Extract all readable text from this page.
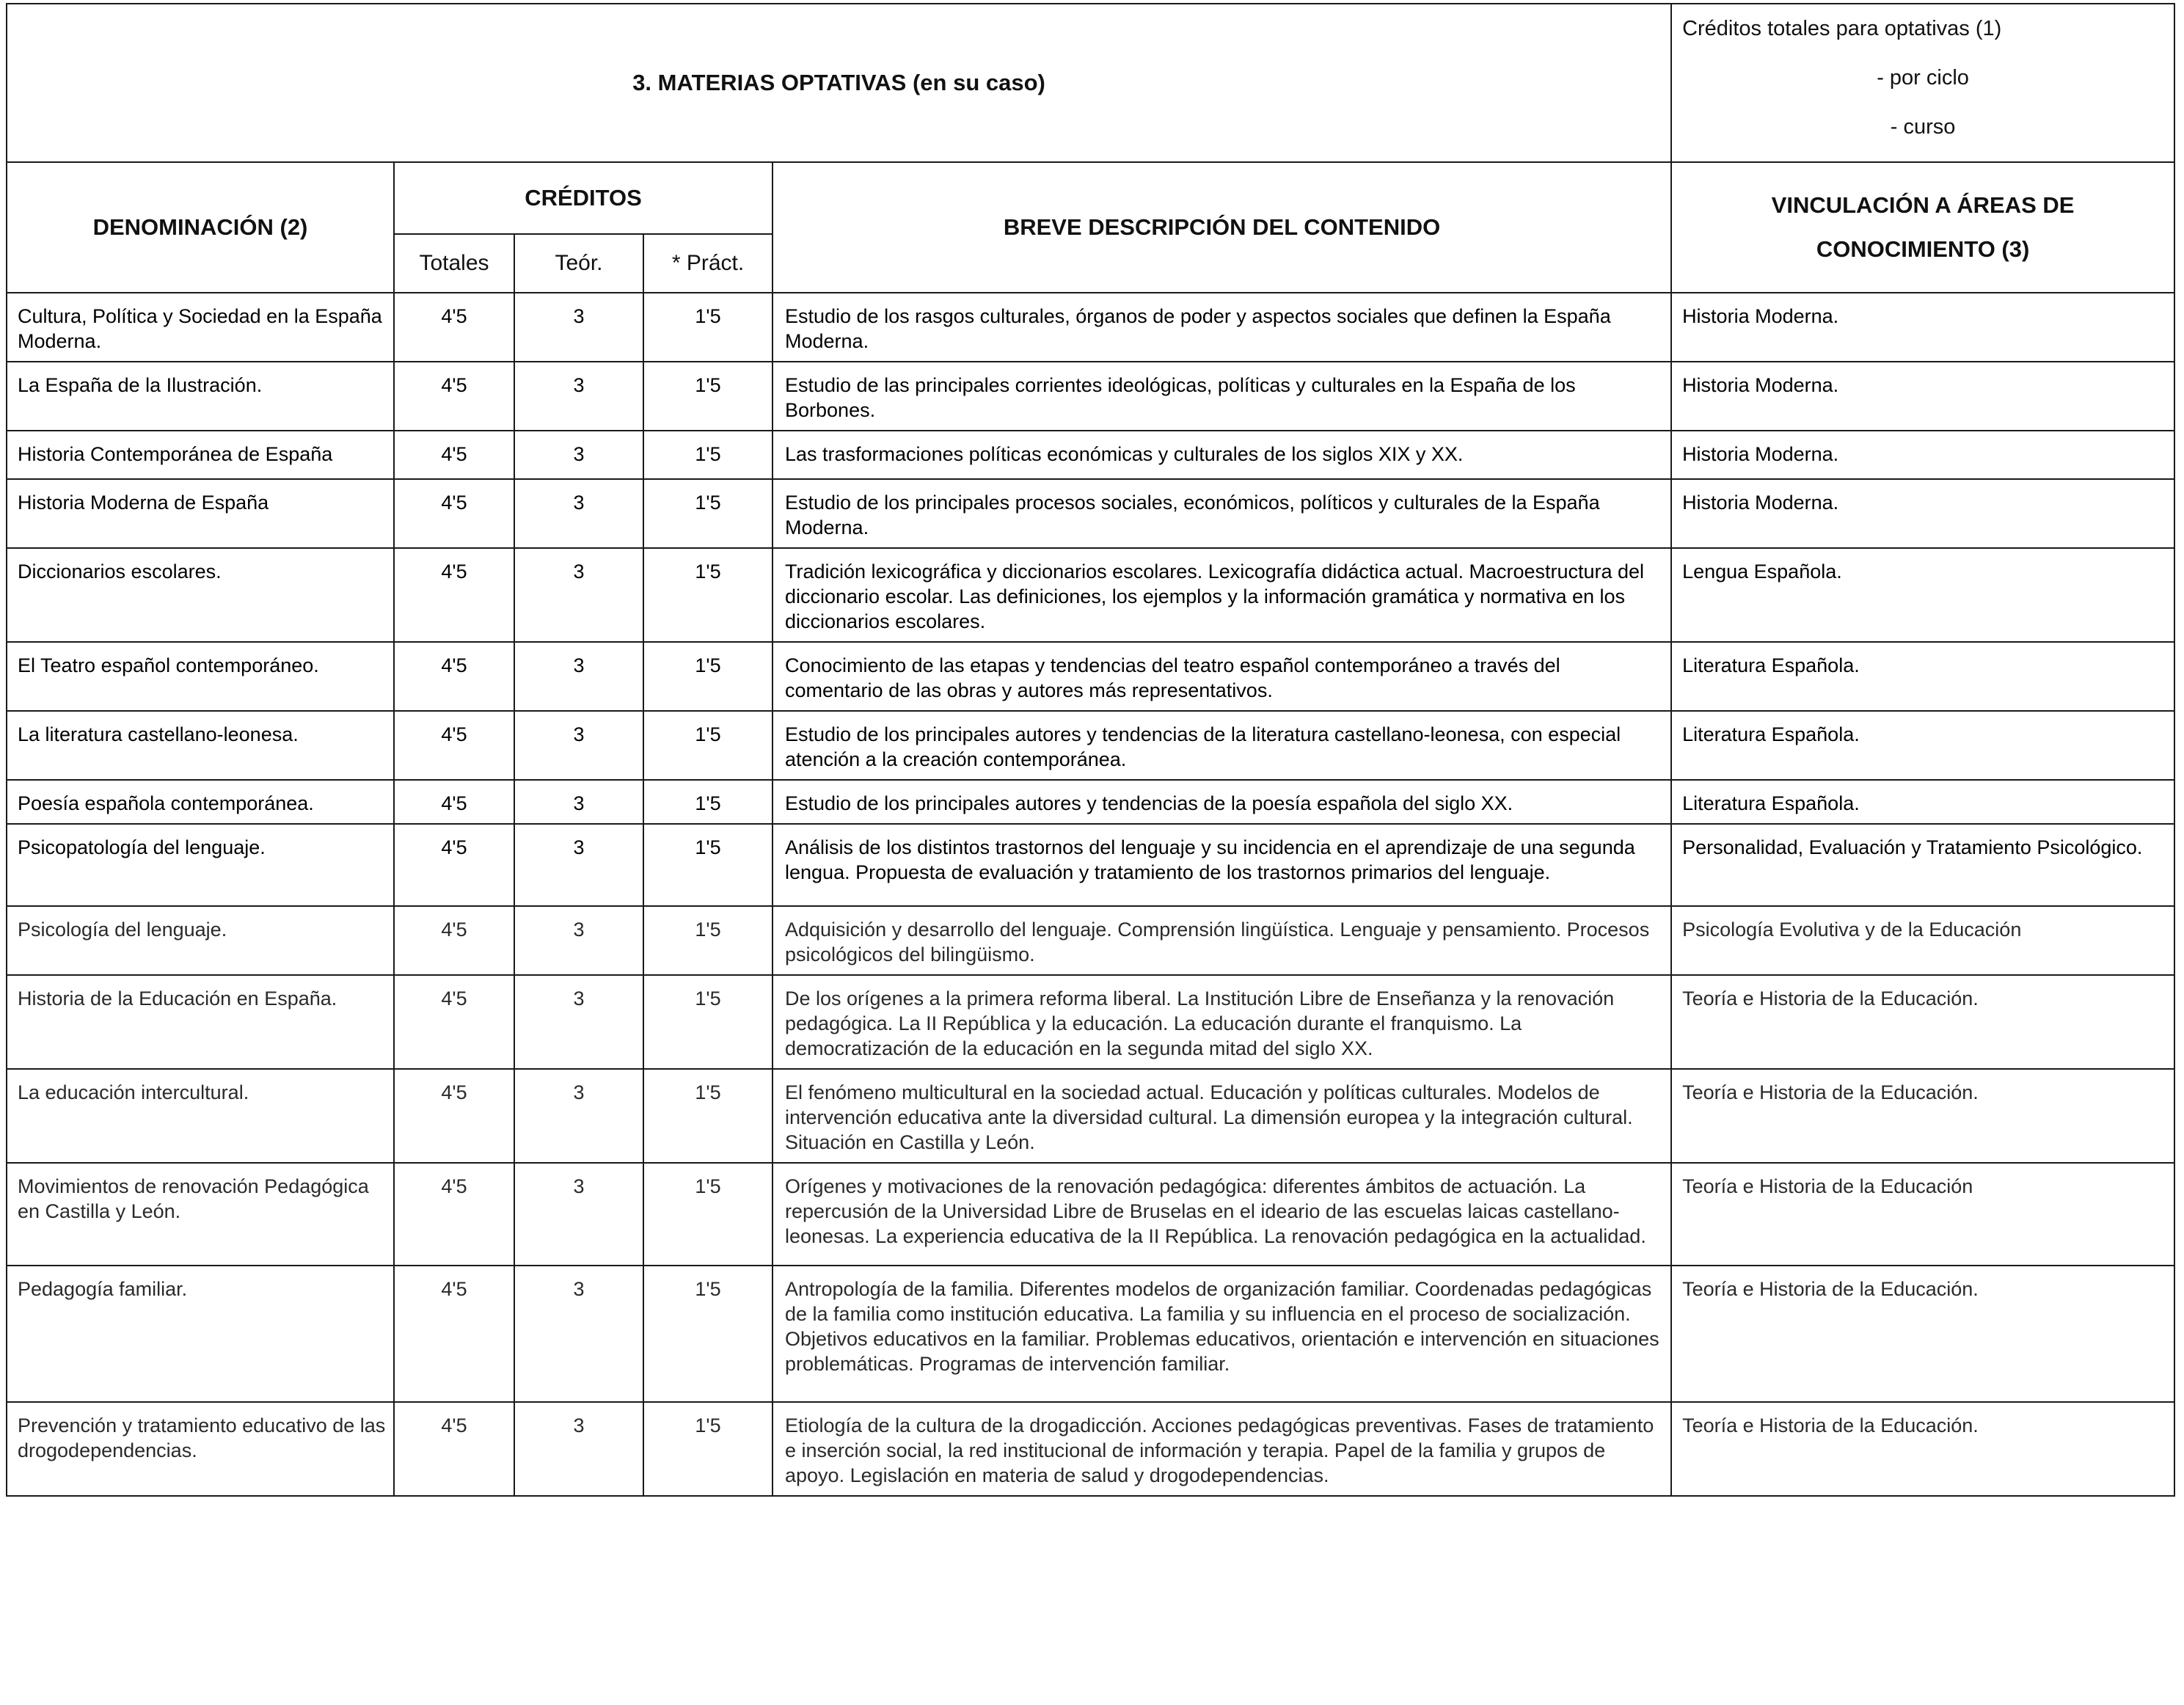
3. MATERIAS OPTATIVAS (en su caso)					Créditos totales para optativas (1)
- por ciclo
- curso

DENOMINACIÓN (2)	CRÉDITOS			BREVE DESCRIPCIÓN DEL CONTENIDO	VINCULACIÓN A ÁREAS DE
CONOCIMIENTO (3)
	Totales	Teór.	* Práct.		
Cultura, Política y Sociedad en la España Moderna.	4'5	3	1'5	Estudio de los rasgos culturales, órganos de poder y aspectos sociales que definen la España Moderna.	Historia Moderna.
La España de la Ilustración.	4'5	3	1'5	Estudio de las principales corrientes ideológicas, políticas y culturales en la España de los Borbones.	Historia Moderna.
Historia Contemporánea de España	4'5	3	1'5	Las trasformaciones políticas económicas y culturales de los siglos XIX y XX.	Historia Moderna.
Historia Moderna de España	4'5	3	1'5	Estudio de los principales procesos sociales, económicos, políticos y culturales de la España Moderna.	Historia Moderna.
Diccionarios escolares.	4'5	3	1'5	Tradición lexicográfica y diccionarios escolares. Lexicografía didáctica actual. Macroestructura del diccionario escolar. Las definiciones, los ejemplos y la información gramática y normativa en los diccionarios escolares.	Lengua Española.
El Teatro español contemporáneo.	4'5	3	1'5	Conocimiento de las etapas y tendencias del teatro español contemporáneo a través del comentario de las obras y autores más representativos.	Literatura Española.
La literatura castellano-leonesa.	4'5	3	1'5	Estudio de los principales autores y tendencias de la literatura castellano-leonesa, con especial atención a la creación contemporánea.	Literatura Española.
Poesía española contemporánea.	4'5	3	1'5	Estudio de los principales autores y tendencias de la poesía española del siglo XX.	Literatura Española.
Psicopatología del lenguaje.	4'5	3	1'5	Análisis de los distintos trastornos del lenguaje y su incidencia en el aprendizaje de una segunda lengua. Propuesta de evaluación y tratamiento de los trastornos primarios del lenguaje.	Personalidad, Evaluación y Tratamiento Psicológico.
Psicología del lenguaje.	4'5	3	1'5	Adquisición y desarrollo del lenguaje. Comprensión lingüística. Lenguaje y pensamiento. Procesos psicológicos del bilingüismo.	Psicología Evolutiva y de la Educación
Historia de la Educación en España.	4'5	3	1'5	De los orígenes a la primera reforma liberal. La Institución Libre de Enseñanza y la renovación pedagógica. La II República y la educación. La educación durante el franquismo. La democratización de la educación en la segunda mitad del siglo XX.	Teoría e Historia de la Educación.
La educación intercultural.	4'5	3	1'5	El fenómeno multicultural en la sociedad actual. Educación y políticas culturales. Modelos de intervención educativa ante la diversidad cultural. La dimensión europea y la integración cultural. Situación en Castilla y León.	Teoría e Historia de la Educación.
Movimientos de renovación Pedagógica en Castilla y León.	4'5	3	1'5	Orígenes y motivaciones de la renovación pedagógica: diferentes ámbitos de actuación. La repercusión de la Universidad Libre de Bruselas en el ideario de las escuelas laicas castellano-leonesas. La experiencia educativa de la II República. La renovación pedagógica en la actualidad.	Teoría e Historia de la Educación
Pedagogía familiar.	4'5	3	1'5	Antropología de la familia. Diferentes modelos de organización familiar. Coordenadas pedagógicas de la familia como institución educativa. La familia y su influencia en el proceso de socialización. Objetivos educativos en la familiar. Problemas educativos, orientación e intervención en situaciones problemáticas. Programas de intervención familiar.	Teoría e Historia de la Educación.
Prevención y tratamiento educativo de las drogodependencias.	4'5	3	1'5	Etiología de la cultura de la drogadicción. Acciones pedagógicas preventivas. Fases de tratamiento e inserción social, la red institucional de información y terapia. Papel de la familia y grupos de apoyo. Legislación en materia de salud y drogodependencias.	Teoría e Historia de la Educación.
